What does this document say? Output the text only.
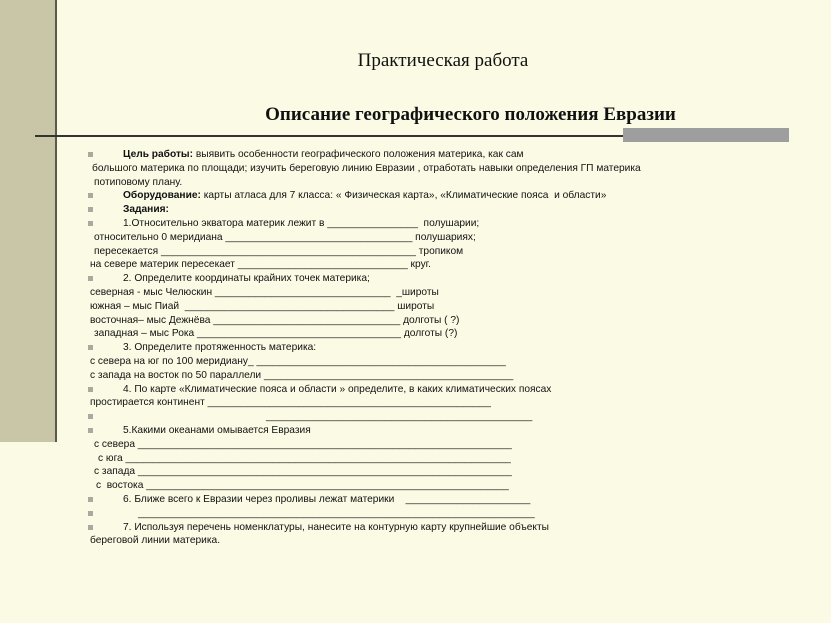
Практическая работа
Описание географического положения Евразии
Цель работы: выявить особенности географического положения материка, как сам
большого материка по площади; изучить береговую линию Евразии , отработать навыки определения ГП материка
потиповому плану.
Оборудование: карты атласа для 7 класса: « Физическая карта», «Климатические пояса  и области»
Задания:
1.Относительно экватора материк лежит в ________________  полушарии;
относительно 0 меридиана _________________________________ полушариях;
пересекается _____________________________________________ тропиком
на севере материк пересекает ______________________________ круг.
2. Определите координаты крайних точек материка;
северная - мыс Челюскин _______________________________  _широты
южная – мыс Пиай  _____________________________________ широты
восточная– мыс Дежнёва _________________________________ долготы ( ?)
западная – мыс Рока ____________________________________ долготы (?)
3. Определите протяженность материка:
с севера на юг по 100 меридиану_ ____________________________________________
с запада на восток по 50 параллели ____________________________________________
4. По карте «Климатические пояса и области » определите, в каких климатических поясах
простирается континент __________________________________________________
_______________________________________________
5.Какими океанами омывается Евразия
с севера __________________________________________________________________
с юга ____________________________________________________________________
с запада __________________________________________________________________
с  востока ________________________________________________________________
6. Ближе всего к Евразии через проливы лежат материки    ______________________
______________________________________________________________________
7. Используя перечень номенклатуры, нанесите на контурную карту крупнейшие объекты
береговой линии материка.
